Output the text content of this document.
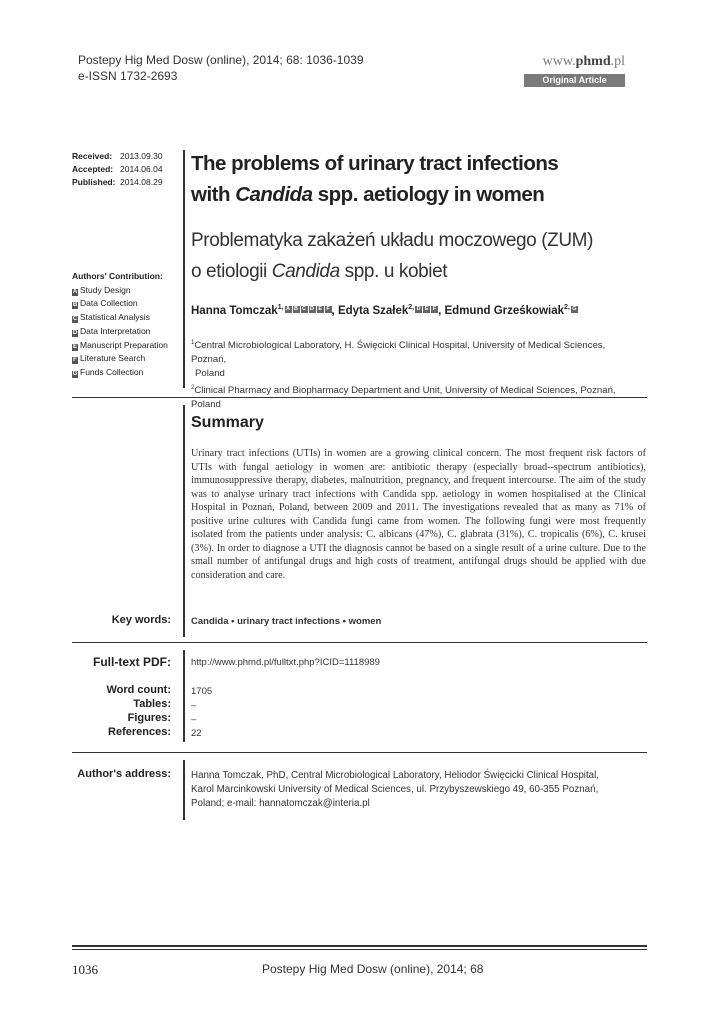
Postepy Hig Med Dosw (online), 2014; 68: 1036-1039
e-ISSN 1732-2693
www.phmd.pl
Original Article
Received: 2013.09.30
Accepted: 2014.06.04
Published: 2014.08.29
Authors' Contribution:
A Study Design
B Data Collection
C Statistical Analysis
D Data Interpretation
E Manuscript Preparation
F Literature Search
G Funds Collection
The problems of urinary tract infections
with Candida spp. aetiology in women
Problematyka zakażeń układu moczowego (ZUM)
o etiologii Candida spp. u kobiet
Hanna Tomczak$^{1,}$ A B C D E F , Edyta Szałek$^{2,}$ D E F , Edmund Grześkowiak$^{2,}$ G
$^1$Central Microbiological Laboratory, H. Święcicki Clinical Hospital, University of Medical Sciences, Poznań,
Poland
$^2$Clinical Pharmacy and Biopharmacy Department and Unit, University of Medical Sciences, Poznań, Poland
Summary
Urinary tract infections (UTIs) in women are a growing clinical concern. The most frequent risk factors of UTIs with fungal aetiology in women are: antibiotic therapy (especially broad--spectrum antibiotics), immunosuppressive therapy, diabetes, malnutrition, pregnancy, and frequent intercourse. The aim of the study was to analyse urinary tract infections with Candida spp. aetiology in women hospitalised at the Clinical Hospital in Poznań, Poland, between 2009 and 2011. The investigations revealed that as many as 71% of positive urine cultures with Candida fungi came from women. The following fungi were most frequently isolated from the patients under analysis: C. albicans (47%), C. glabrata (31%), C. tropicalis (6%), C. krusei (3%). In order to diagnose a UTI the diagnosis cannot be based on a single result of a urine culture. Due to the small number of antifungal drugs and high costs of treatment, antifungal drugs should be applied with due consideration and care.
Key words: Candida • urinary tract infections • women
Full-text PDF: http://www.phmd.pl/fulltxt.php?ICID=1118989
Word count: 1705
Tables: –
Figures: –
References: 22
Author's address: Hanna Tomczak, PhD, Central Microbiological Laboratory, Heliodor Święcicki Clinical Hospital,
Karol Marcinkowski University of Medical Sciences, ul. Przybyszewskiego 49, 60-355 Poznań,
Poland; e-mail: hannatomczak@interia.pl
1036	Postepy Hig Med Dosw (online), 2014; 68
